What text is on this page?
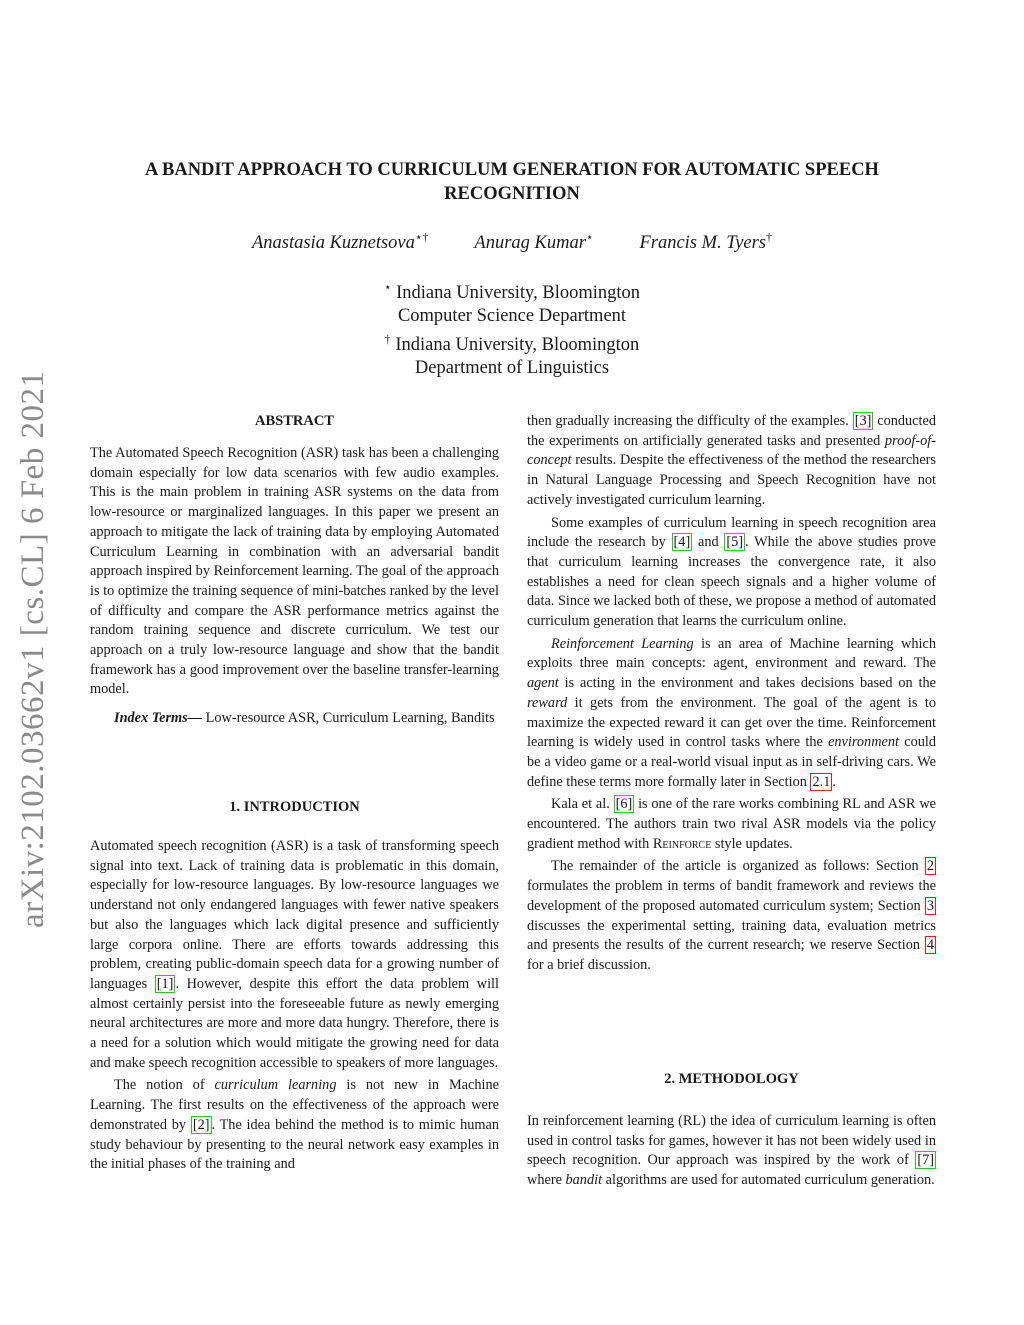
arXiv:2102.03662v1 [cs.CL] 6 Feb 2021
A BANDIT APPROACH TO CURRICULUM GENERATION FOR AUTOMATIC SPEECH
RECOGNITION
Anastasia Kuznetsova⋆† Anurag Kumar⋆ Francis M. Tyers†
⋆ Indiana University, Bloomington
Computer Science Department
† Indiana University, Bloomington
Department of Linguistics
ABSTRACT

The Automated Speech Recognition (ASR) task has been a challenging domain especially for low data scenarios with few audio examples. This is the main problem in training ASR systems on the data from low-resource or marginalized languages. In this paper we present an approach to mitigate the lack of training data by employing Automated Curriculum Learning in combination with an adversarial bandit approach inspired by Reinforcement learning. The goal of the approach is to optimize the training sequence of mini-batches ranked by the level of difficulty and compare the ASR performance metrics against the random training sequence and discrete curriculum. We test our approach on a truly low-resource language and show that the bandit framework has a good improvement over the baseline transfer-learning model.

Index Terms— Low-resource ASR, Curriculum Learning, Bandits

1. INTRODUCTION

Automated speech recognition (ASR) is a task of transforming speech signal into text. Lack of training data is problematic in this domain, especially for low-resource languages. By low-resource languages we understand not only endangered languages with fewer native speakers but also the languages which lack digital presence and sufficiently large corpora online. There are efforts towards addressing this problem, creating public-domain speech data for a growing number of languages [1] . However, despite this effort the data problem will almost certainly persist into the foreseeable future as newly emerging neural architectures are more and more data hungry. Therefore, there is a need for a solution which would mitigate the growing need for data and make speech recognition accessible to speakers of more languages.

The notion of curriculum learning is not new in Machine Learning. The first results on the effectiveness of the approach were demonstrated by [2] . The idea behind the method is to mimic human study behaviour by presenting to the neural network easy examples in the initial phases of the training and

then gradually increasing the difficulty of the examples. [3] conducted the experiments on artificially generated tasks and presented proof-of-concept results. Despite the effectiveness of the method the researchers in Natural Language Processing and Speech Recognition have not actively investigated curriculum learning.

Some examples of curriculum learning in speech recognition area include the research by [4] and [5] . While the above studies prove that curriculum learning increases the convergence rate, it also establishes a need for clean speech signals and a higher volume of data. Since we lacked both of these, we propose a method of automated curriculum generation that learns the curriculum online.

Reinforcement Learning is an area of Machine learning which exploits three main concepts: agent, environment and reward. The agent is acting in the environment and takes decisions based on the reward it gets from the environment. The goal of the agent is to maximize the expected reward it can get over the time. Reinforcement learning is widely used in control tasks where the environment could be a video game or a real-world visual input as in self-driving cars. We define these terms more formally later in Section 2.1 .

Kala et al. [6] is one of the rare works combining RL and ASR we encountered. The authors train two rival ASR models via the policy gradient method with Reinforce style updates.

The remainder of the article is organized as follows: Section 2 formulates the problem in terms of bandit framework and reviews the development of the proposed automated curriculum system; Section 3 discusses the experimental setting, training data, evaluation metrics and presents the results of the current research; we reserve Section 4 for a brief discussion.

2. METHODOLOGY

In reinforcement learning (RL) the idea of curriculum learning is often used in control tasks for games, however it has not been widely used in speech recognition. Our approach was inspired by the work of [7] where bandit algorithms are used for automated curriculum generation.
